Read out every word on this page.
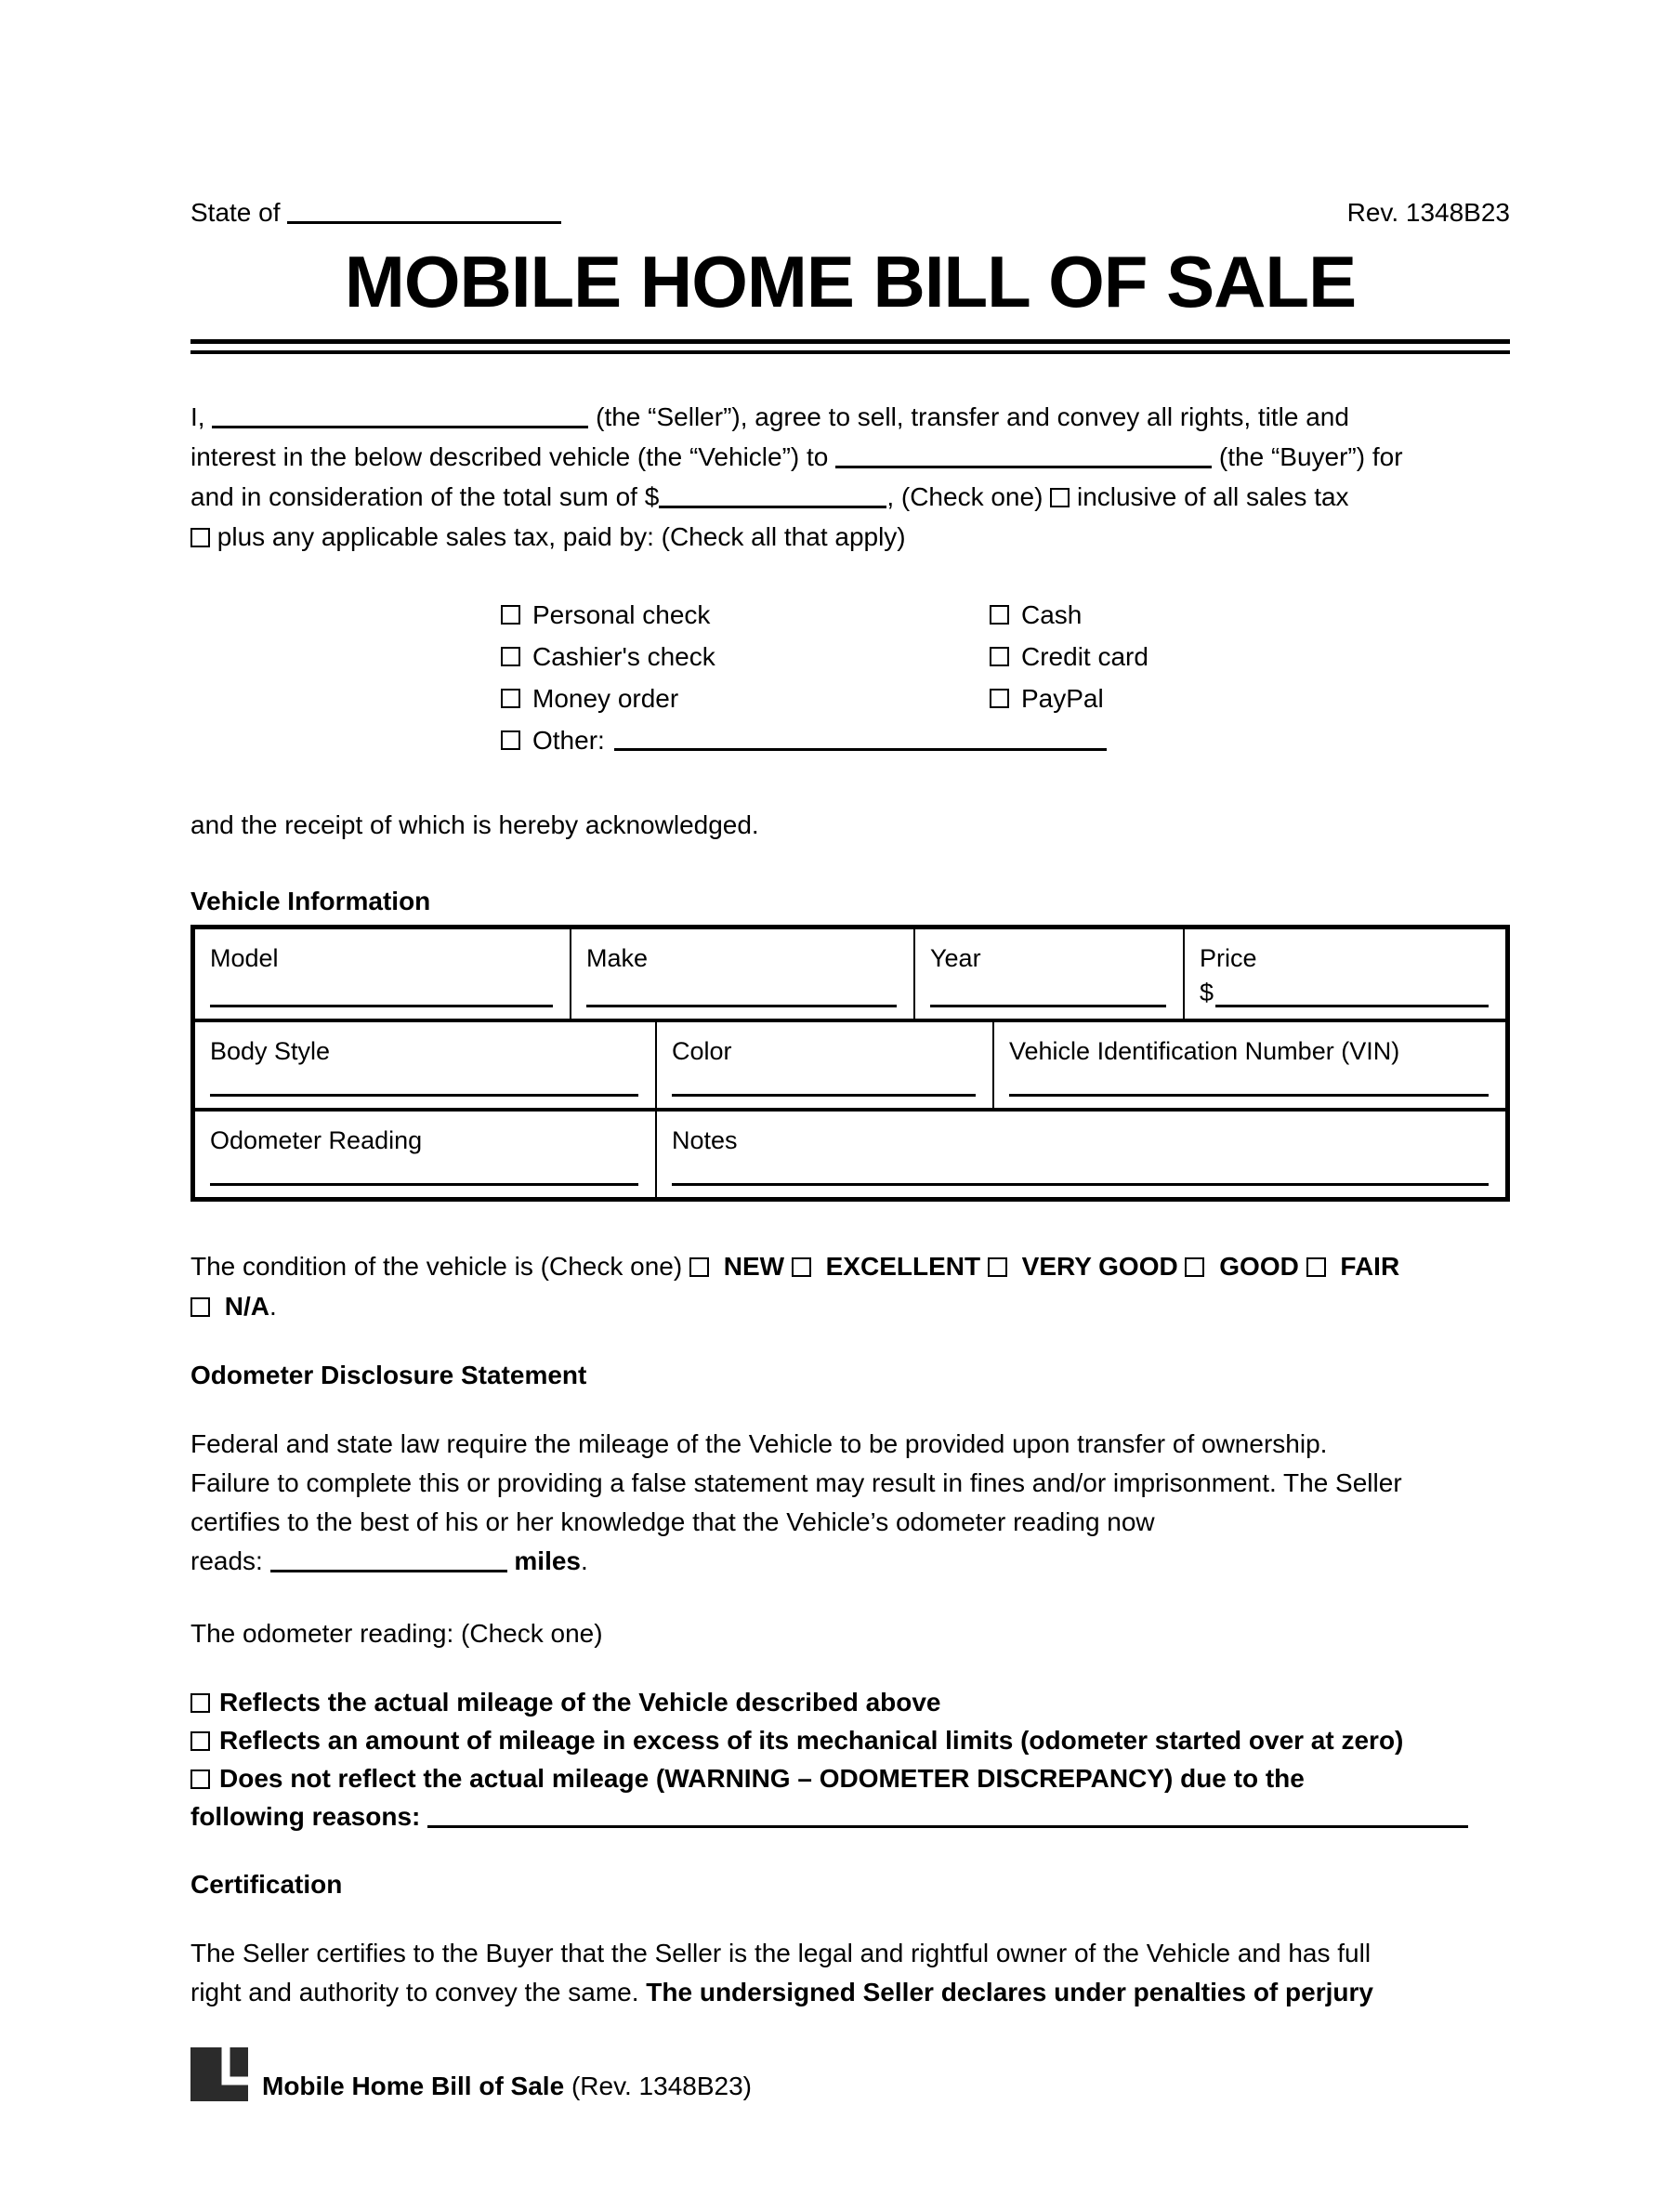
State of	Rev. 1348B23
MOBILE HOME BILL OF SALE
I,	(the “Seller”), agree to sell, transfer and convey all rights, title and
interest in the below described vehicle (the “Vehicle”) to	(the “Buyer”) for
and in consideration of the total sum of $	, (Check one) inclusive of all sales tax
plus any applicable sales tax, paid by: (Check all that apply)
Personal check
Cashier's check
Money order
Other:
Cash
Credit card
PayPal
and the receipt of which is hereby acknowledged.
Vehicle Information
Model	Make	Year	Price
$
Body Style	Color	Vehicle Identification Number (VIN)
Odometer Reading	Notes
The condition of the vehicle is (Check one) NEW EXCELLENT VERY GOOD GOOD FAIR
N/A.
Odometer Disclosure Statement
Federal and state law require the mileage of the Vehicle to be provided upon transfer of ownership.
Failure to complete this or providing a false statement may result in fines and/or imprisonment. The Seller
certifies to the best of his or her knowledge that the Vehicle’s odometer reading now
reads:	miles.
The odometer reading: (Check one)
Reflects the actual mileage of the Vehicle described above
Reflects an amount of mileage in excess of its mechanical limits (odometer started over at zero)
Does not reflect the actual mileage (WARNING – ODOMETER DISCREPANCY) due to the
following reasons:
Certification
The Seller certifies to the Buyer that the Seller is the legal and rightful owner of the Vehicle and has full
right and authority to convey the same. The undersigned Seller declares under penalties of perjury
Mobile Home Bill of Sale (Rev. 1348B23)
